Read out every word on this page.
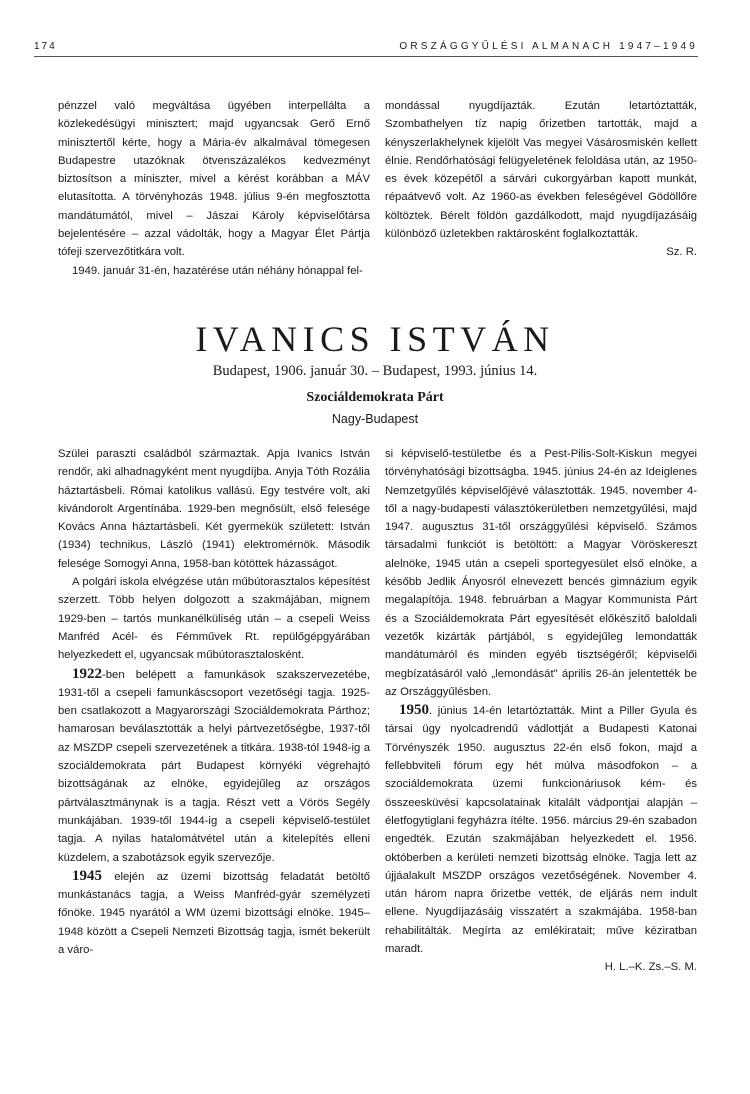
174	ORSZÁGGYŰLÉSI ALMANACH 1947–1949

pénzzel való megváltása ügyében interpellálta a közlekedésügyi minisztert; majd ugyancsak Gerő Ernő minisztertől kérte, hogy a Mária-év alkalmával tömegesen Budapestre utazóknak ötvenszázalékos kedvezményt biztosítson a miniszter, mivel a kérést korábban a MÁV elutasította. A törvényhozás 1948. július 9-én megfosztotta mandátumától, mivel – Jászai Károly képviselőtársa bejelentésére – azzal vádolták, hogy a Magyar Élet Pártja tófeji szervezőtitkára volt.

1949. január 31-én, hazatérése után néhány hónappal fel-

mondással nyugdíjazták. Ezután letartóztatták, Szombathelyen tíz napig őrizetben tartották, majd a kényszerlakhelynek kijelölt Vas megyei Vásárosmiskén kellett élnie. Rendőrhatósági felügyeletének feloldása után, az 1950-es évek közepétől a sárvári cukorgyárban kapott munkát, répaátvevő volt. Az 1960-as években feleségével Gödöllőre költöztek. Bérelt földön gazdálkodott, majd nyugdíjazásáig különböző üzletekben raktárosként foglalkoztatták.

Sz. R.

IVANICS ISTVÁN
Budapest, 1906. január 30. – Budapest, 1993. június 14.
Szociáldemokrata Párt
Nagy-Budapest

Szülei paraszti családból származtak. Apja Ivanics István rendőr, aki alhadnagyként ment nyugdíjba. Anyja Tóth Rozália háztartásbeli. Római katolikus vallású. Egy testvére volt, aki kivándorolt Argentínába. 1929-ben megnősült, első felesége Kovács Anna háztartásbeli. Két gyermekük született: István (1934) technikus, László (1941) elektromérnök. Második felesége Somogyi Anna, 1958-ban kötöttek házasságot.

A polgári iskola elvégzése után műbútorasztalos képesítést szerzett. Több helyen dolgozott a szakmájában, mignem 1929-ben – tartós munkanélküliség után – a csepeli Weiss Manfréd Acél- és Fémművek Rt. repülőgépgyárában helyezkedett el, ugyancsak műbútorasztalosként.

1922-ben belépett a famunkások szakszervezetébe, 1931-től a csepeli famunkáscsoport vezetőségi tagja. 1925-ben csatlakozott a Magyarországi Szociáldemokrata Párthoz; hamarosan beválasztották a helyi pártvezetőségbe, 1937-től az MSZDP csepeli szervezetének a titkára. 1938-tól 1948-ig a szociáldemokrata párt Budapest környéki végrehajtó bizottságának az elnöke, egyidejűleg az országos pártválasztmánynak is a tagja. Részt vett a Vörös Segély munkájában. 1939-től 1944-ig a csepeli képviselő-testület tagja. A nyilas hatalomátvétel után a kitelepítés elleni küzdelem, a szabotázsok egyik szervezője.

1945 elején az üzemi bizottság feladatát betöltő munkástanács tagja, a Weiss Manfréd-gyár személyzeti főnöke. 1945 nyarától a WM üzemi bizottsági elnöke. 1945–1948 között a Csepeli Nemzeti Bizottság tagja, ismét bekerült a váro-

si képviselő-testületbe és a Pest-Pilis-Solt-Kiskun megyei törvényhatósági bizottságba. 1945. június 24-én az Ideiglenes Nemzetgyűlés képviselőjévé választották. 1945. november 4-től a nagy-budapesti választókerületben nemzetgyűlési, majd 1947. augusztus 31-től országgyűlési képviselő. Számos társadalmi funkciót is betöltött: a Magyar Vöröskereszt alelnöke, 1945 után a csepeli sportegyesület első elnöke, a később Jedlik Ányosról elnevezett bencés gimnázium egyik megalapítója. 1948. februárban a Magyar Kommunista Párt és a Szociáldemokrata Párt egyesítését előkészítő baloldali vezetők kizárták pártjából, s egyidejűleg lemondatták mandátumáról és minden egyéb tisztségéről; képviselői megbízatásáról való „lemondását" április 26-án jelentették be az Országgyűlésben.

1950. június 14-én letartóztatták. Mint a Piller Gyula és társai ügy nyolcadrendű vádlottját a Budapesti Katonai Törvényszék 1950. augusztus 22-én első fokon, majd a fellebbviteli fórum egy hét múlva másodfokon – a szociáldemokrata üzemi funkcionáriusok kém- és összeesküvési kapcsolatainak kitalált vádpontjai alapján – életfogytiglani fegyházra ítélte. 1956. március 29-én szabadon engedték. Ezután szakmájában helyezkedett el. 1956. októberben a kerületi nemzeti bizottság elnöke. Tagja lett az újjáalakult MSZDP országos vezetőségének. November 4. után három napra őrizetbe vették, de eljárás nem indult ellene. Nyugdíjazásáig visszatért a szakmájába. 1958-ban rehabilitálták. Megírta az emlékiratait; műve kéziratban maradt.

H. L.–K. Zs.–S. M.
